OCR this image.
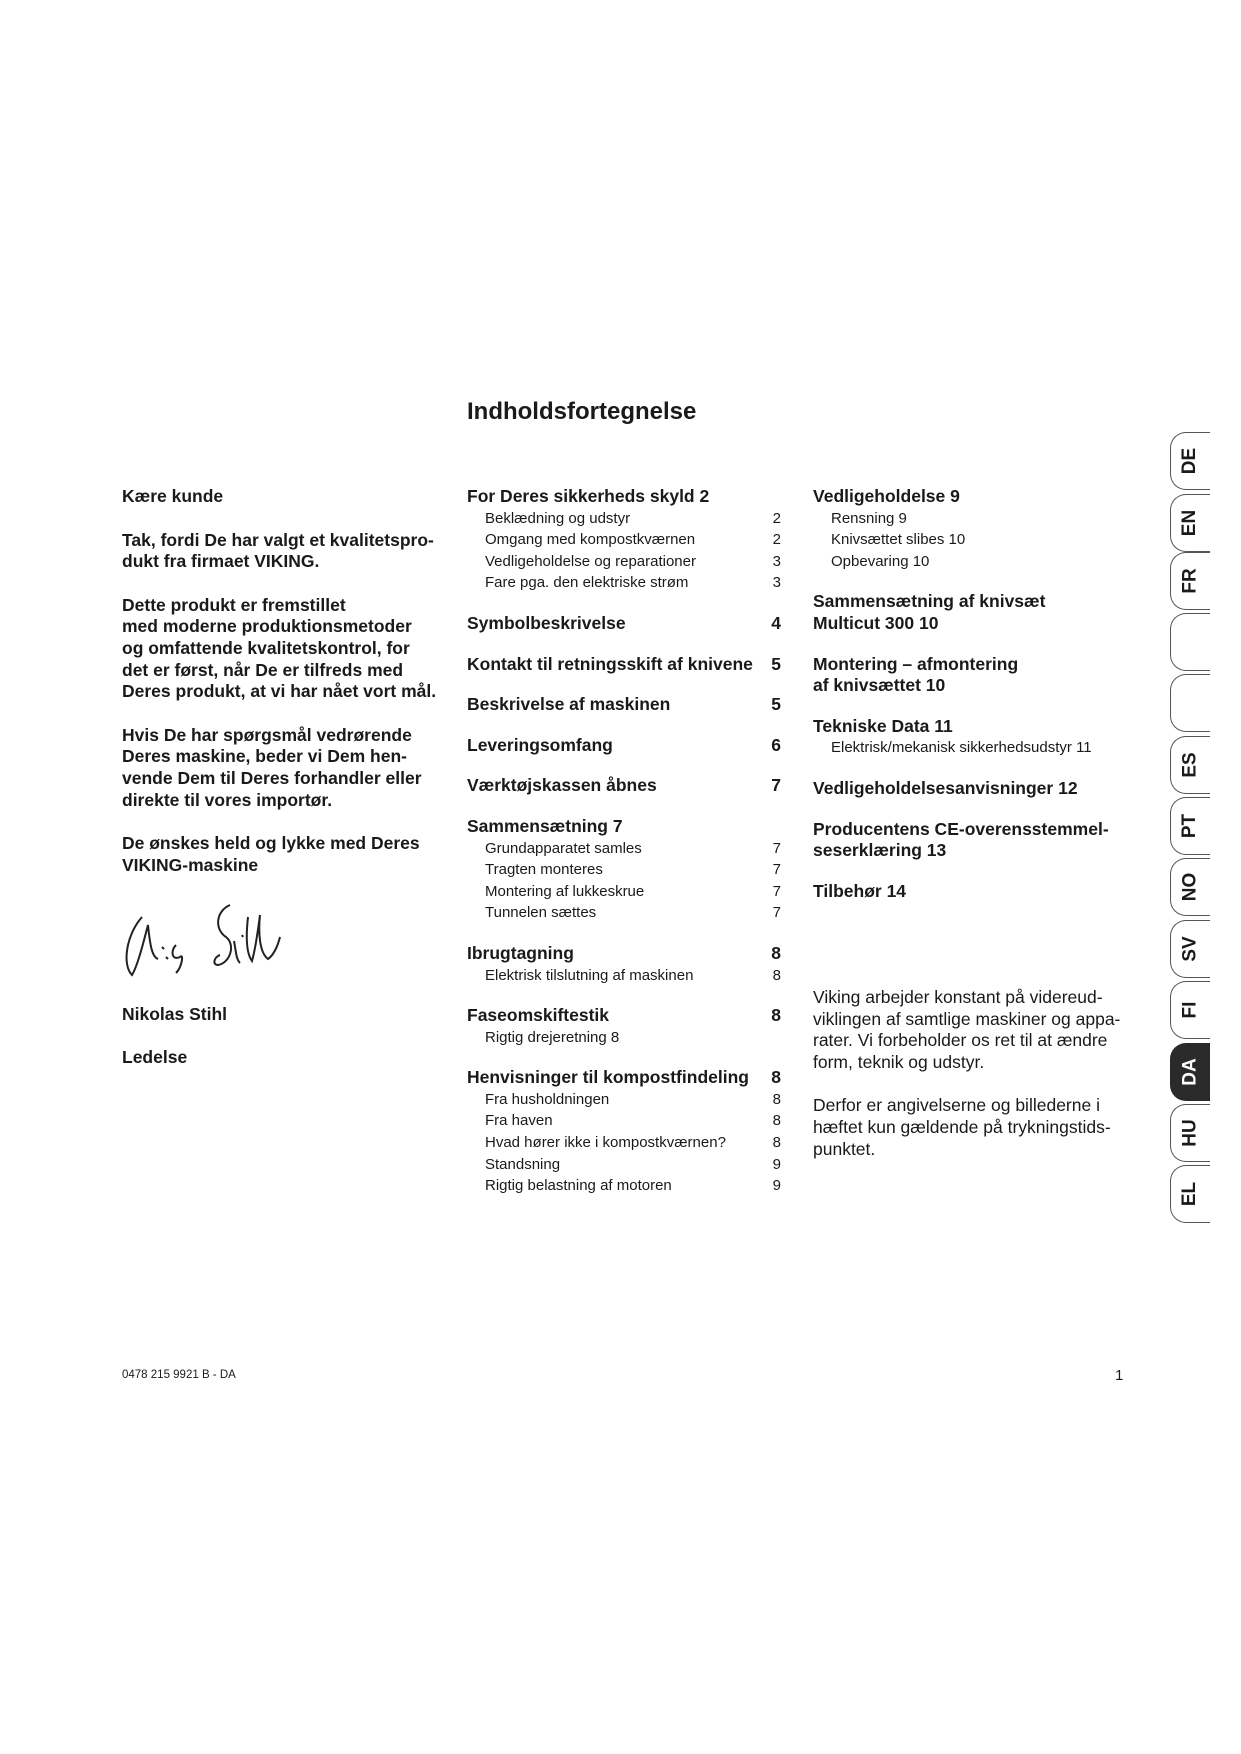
Indholdsfortegnelse

Kære kunde

Tak, fordi De har valgt et kvalitetspro-
dukt fra firmaet VIKING.

Dette produkt er fremstillet
med moderne produktionsmetoder
og omfattende kvalitetskontrol, for
det er først, når De er tilfreds med
Deres produkt, at vi har nået vort mål.

Hvis De har spørgsmål vedrørende
Deres maskine, beder vi Dem hen-
vende Dem til Deres forhandler eller
direkte til vores importør.

De ønskes held og lykke med Deres
VIKING-maskine

Nikolas Stihl
Ledelse
For Deres sikkerheds skyld 2
Beklædning og udstyr	2
Omgang med kompostkværnen	2
Vedligeholdelse og reparationer	3
Fare pga. den elektriske strøm	3
Symbolbeskrivelse	4
Kontakt til retningsskift af knivene 5
Beskrivelse af maskinen	5
Leveringsomfang	6
Værktøjskassen åbnes	7
Sammensætning 7
Grundapparatet samles	7
Tragten monteres	7
Montering af lukkeskrue	7
Tunnelen sættes	7
Ibrugtagning	8
Elektrisk tilslutning af maskinen	8
Faseomskiftestik	8
Rigtig drejeretning 8
Henvisninger til kompostfindeling 8
Fra husholdningen	8
Fra haven	8
Hvad hører ikke i kompostkværnen?	8
Standsning	9
Rigtig belastning af motoren	9
Vedligeholdelse 9
Rensning 9
Knivsættet slibes 10
Opbevaring 10
Sammensætning af knivsæt
Multicut 300 10
Montering – afmontering
af knivsættet 10
Tekniske Data 11
Elektrisk/mekanisk sikkerhedsudstyr 11
Vedligeholdelsesanvisninger 12
Producentens CE-overensstemmel-
seserklæring 13
Tilbehør 14

Viking arbejder konstant på videreud-
viklingen af samtlige maskiner og appa-
rater. Vi forbeholder os ret til at ændre
form, teknik og udstyr.

Derfor er angivelserne og billederne i
hæftet kun gældende på trykningstids-
punktet.

0478 215 9921 B - DA	1
DE
EN
FR
ES
PT
NO
SV
FI
DA
HU
EL
